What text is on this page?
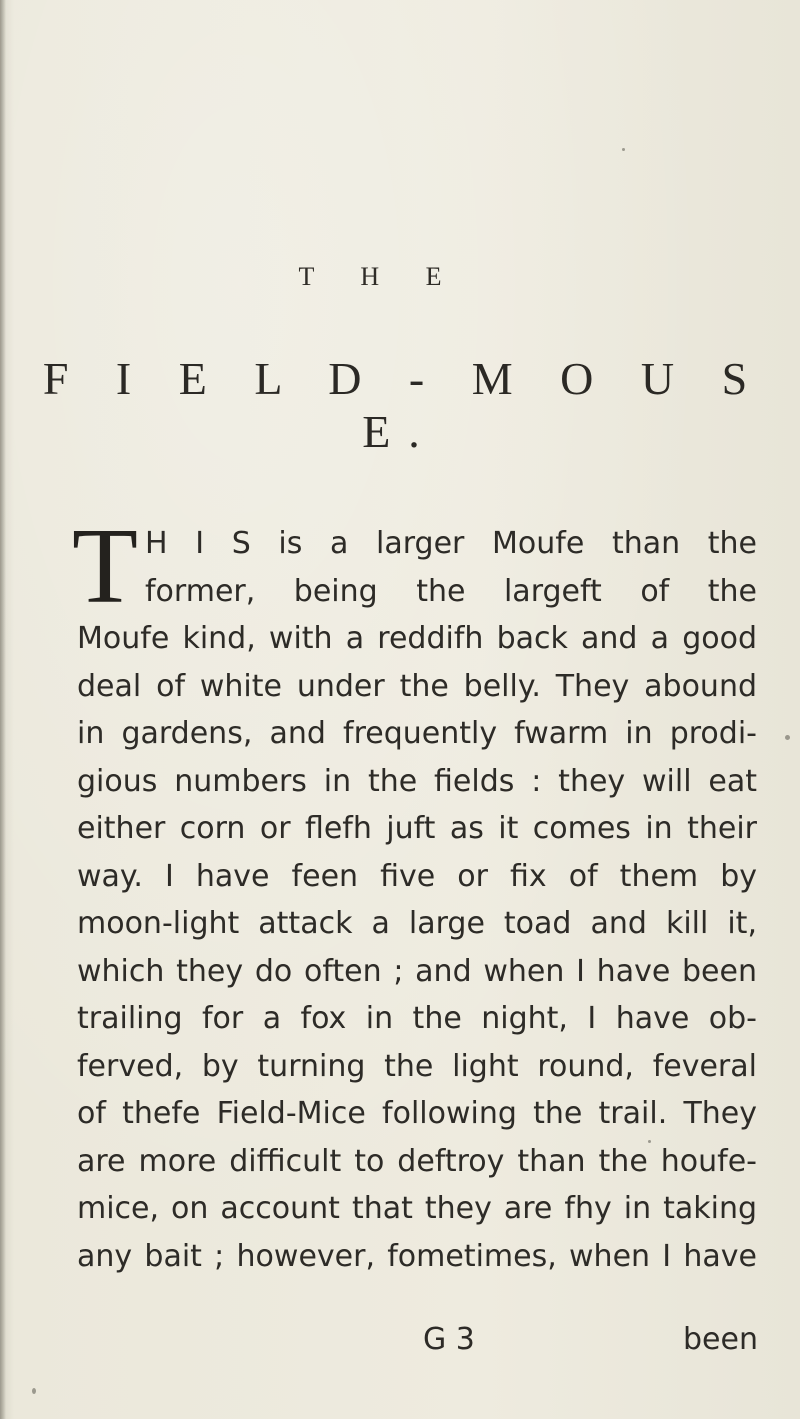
T H E
F I E L D - M O U S E.
T H I S is a larger Moufe than the
former, being the largeft of the
Moufe kind, with a reddifh back and a good
deal of white under the belly. They abound
in gardens, and frequently fwarm in prodi-
gious numbers in the fields : they will eat
either corn or flefh juft as it comes in their
way. I have feen five or fix of them by
moon-light attack a large toad and kill it,
which they do often ; and when I have been
trailing for a fox in the night, I have ob-
ferved, by turning the light round, feveral
of thefe Field-Mice following the trail. They
are more difficult to deftroy than the houfe-
mice, on account that they are fhy in taking
any bait ; however, fometimes, when I have
G 3	been
